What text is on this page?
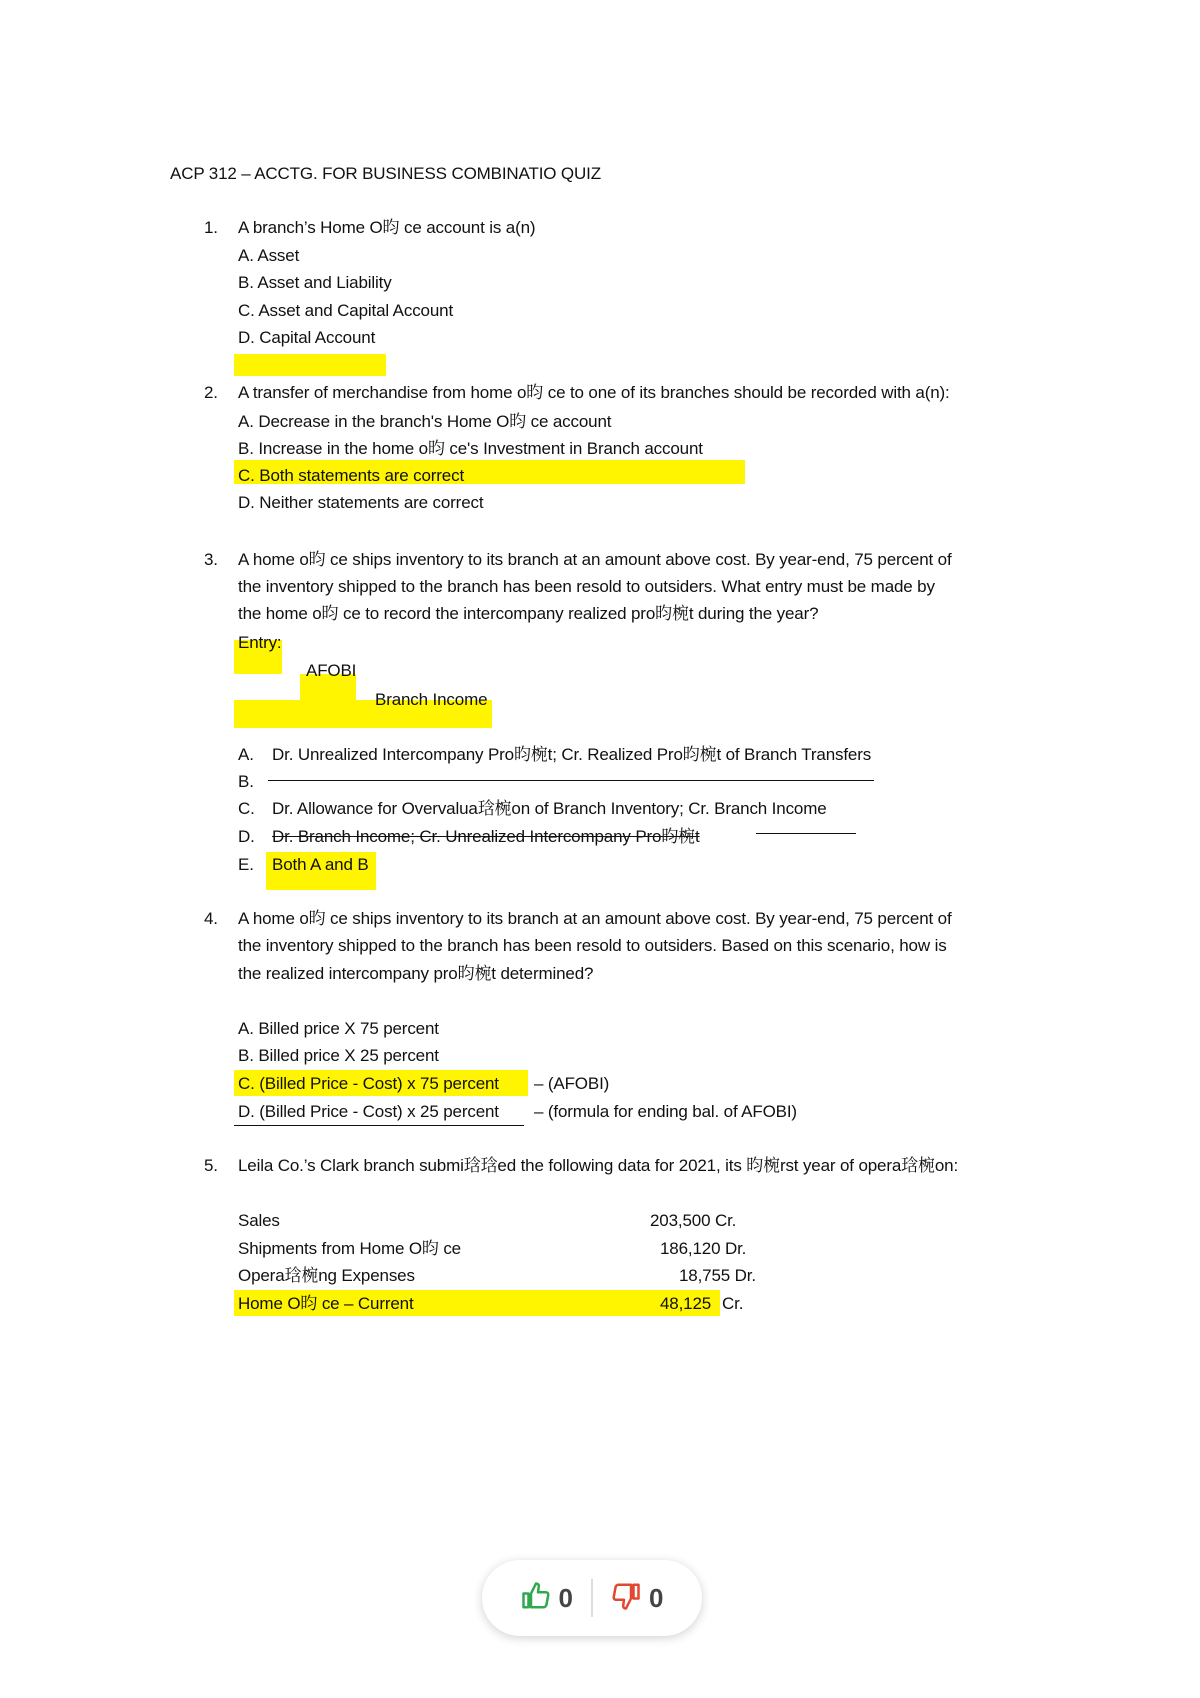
ACP 312 – ACCTG. FOR BUSINESS COMBINATIO QUIZ
1. A branch’s Home O昀 ce account is a(n)
A. Asset
B. Asset and Liability
C. Asset and Capital Account
D. Capital Account
2. A transfer of merchandise from home o昀 ce to one of its branches should be recorded with a(n):
A. Decrease in the branch's Home O昀 ce account
B. Increase in the home o昀 ce's Investment in Branch account
C. Both statements are correct
D. Neither statements are correct
3. A home o昀 ce ships inventory to its branch at an amount above cost. By year-end, 75 percent of
the inventory shipped to the branch has been resold to outsiders. What entry must be made by
the home o昀 ce to record the intercompany realized pro昀椀t during the year?
Entry:
AFOBI
Branch Income
A. Dr. Unrealized Intercompany Pro昀椀t; Cr. Realized Pro昀椀t of Branch Transfers
B.
C. Dr. Allowance for Overvalua琀椀on of Branch Inventory; Cr. Branch Income
D. Dr. Branch Income; Cr. Unrealized Intercompany Pro昀椀t
E. Both A and B
4. A home o昀 ce ships inventory to its branch at an amount above cost. By year-end, 75 percent of
the inventory shipped to the branch has been resold to outsiders. Based on this scenario, how is
the realized intercompany pro昀椀t determined?
A. Billed price X 75 percent
B. Billed price X 25 percent
C. (Billed Price - Cost) x 75 percent – (AFOBI)
D. (Billed Price - Cost) x 25 percent – (formula for ending bal. of AFOBI)
5. Leila Co.’s Clark branch submi琀琀ed the following data for 2021, its 昀椀rst year of opera琀椀on:
Sales	203,500 Cr.
Shipments from Home O昀 ce	186,120 Dr.
Opera琀椀ng Expenses	18,755 Dr.
Home O昀 ce – Current	48,125 Cr.
0	0
